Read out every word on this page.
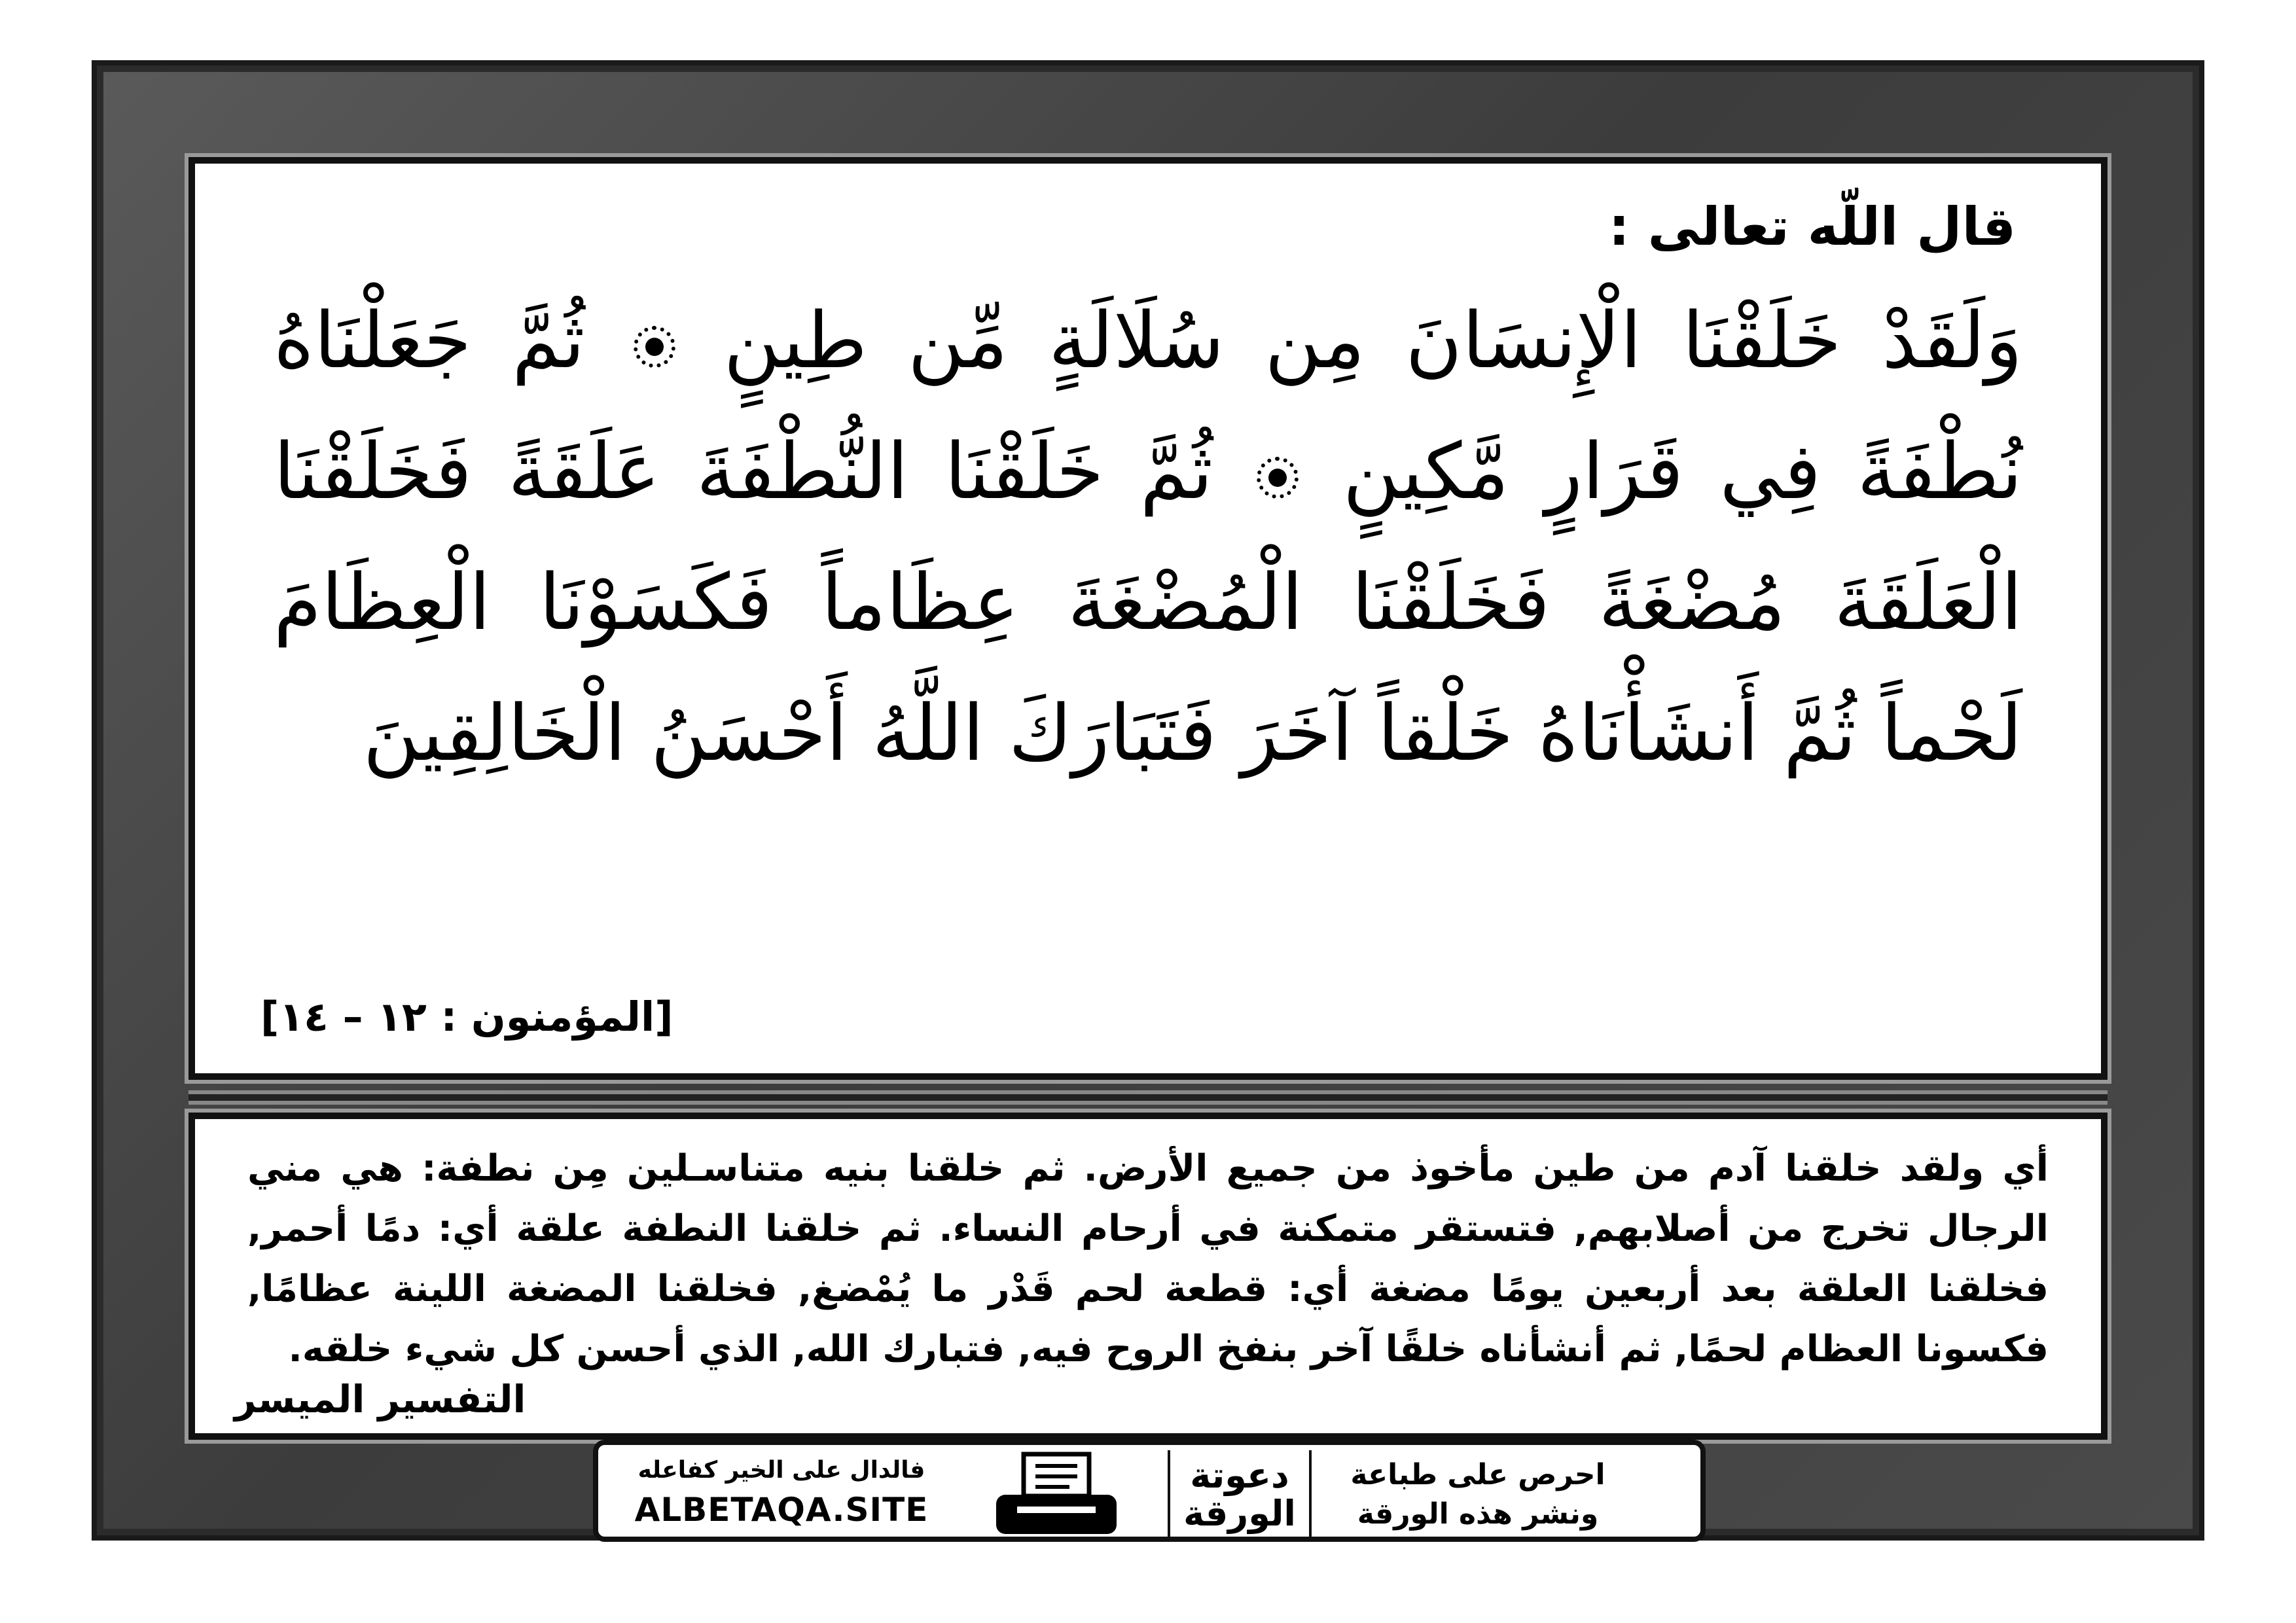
قال اللّه تعالى :
وَلَقَدْ خَلَقْنَا الْإِنسَانَ مِن سُلَالَةٍ مِّن طِينٍ  ثُمَّ جَعَلْنَاهُ نُطْفَةً فِي قَرَارٍ مَّكِينٍ  ثُمَّ خَلَقْنَا النُّطْفَةَ عَلَقَةً فَخَلَقْنَا الْعَلَقَةَ مُضْغَةً فَخَلَقْنَا الْمُضْغَةَ عِظَاماً فَكَسَوْنَا الْعِظَامَ لَحْماً ثُمَّ أَنشَأْنَاهُ خَلْقاً آخَرَ فَتَبَارَكَ اللَّهُ أَحْسَنُ الْخَالِقِينَ
[المؤمنون : ١٢ – ١٤]
أي ولقد خلقنا آدم من طين مأخوذ من جميع الأرض. ثم خلقنا بنيه متناسـلين مِن نطفة: هي مني الرجال تخرج من أصلابهم, فتستقر متمكنة في أرحام النساء. ثم خلقنا النطفة علقة أي: دمًا أحمر, فخلقنا العلقة بعد أربعين يومًا مضغة أي: قطعة لحم قَدْر ما يُمْضغ, فخلقنا المضغة اللينة عظامًا, فكسونا العظام لحمًا, ثم أنشأناه خلقًا آخر بنفخ الروح فيه, فتبارك الله, الذي أحسن كل شيء خلقه.
التفسير الميسر
فالدال على الخير كفاعله
ALBETAQA.SITE
دعوتة
الورقة
احرص على طباعة
ونشر هذه الورقة
